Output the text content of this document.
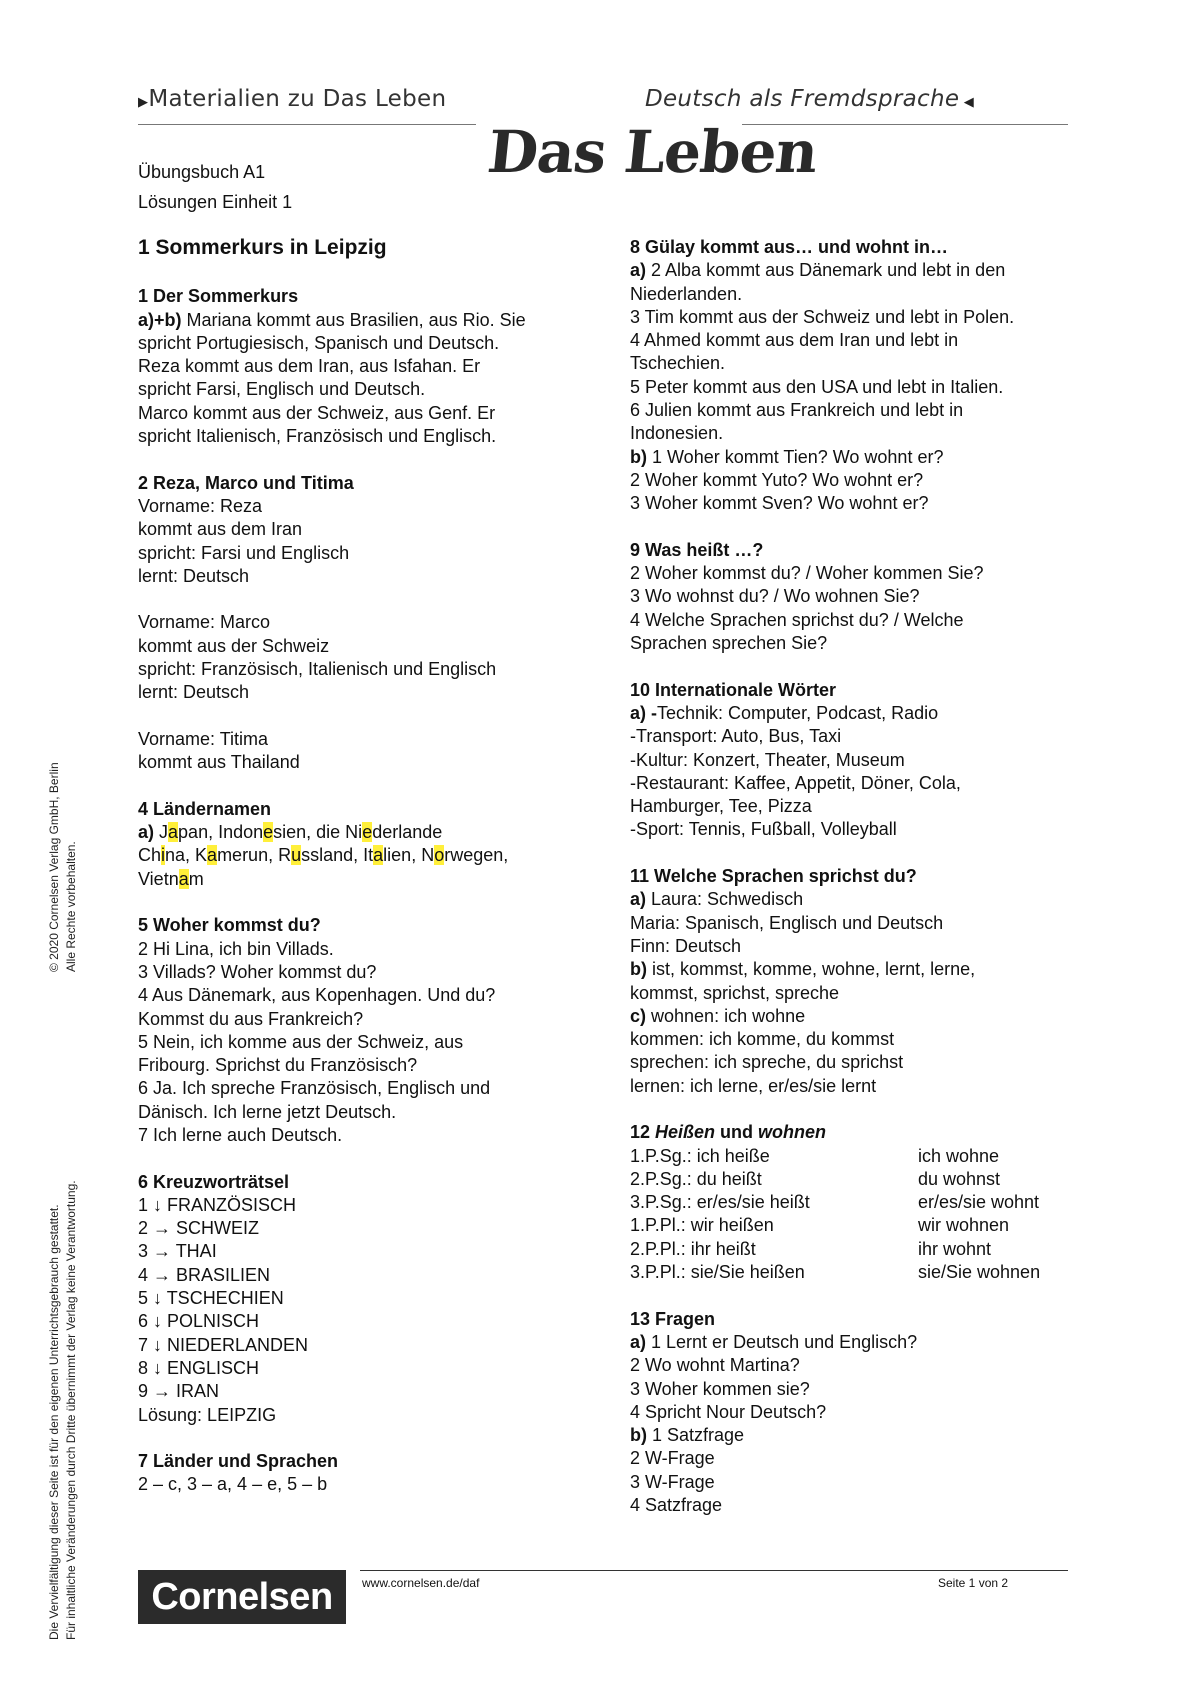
▶Materialien zu Das Leben	Deutsch als Fremdsprache ◀
Das Leben
Übungsbuch A1
Lösungen Einheit 1
1 Sommerkurs in Leipzig
1 Der Sommerkurs
a)+b) Mariana kommt aus Brasilien, aus Rio. Sie
spricht Portugiesisch, Spanisch und Deutsch.
Reza kommt aus dem Iran, aus Isfahan. Er
spricht Farsi, Englisch und Deutsch.
Marco kommt aus der Schweiz, aus Genf. Er
spricht Italienisch, Französisch und Englisch.
2 Reza, Marco und Titima
Vorname: Reza
kommt aus dem Iran
spricht: Farsi und Englisch
lernt: Deutsch
Vorname: Marco
kommt aus der Schweiz
spricht: Französisch, Italienisch und Englisch
lernt: Deutsch
Vorname: Titima
kommt aus Thailand
4 Ländernamen
a) Japan, Indonesien, die Niederlande
China, Kamerun, Russland, Italien, Norwegen,
Vietnam
5 Woher kommst du?
2 Hi Lina, ich bin Villads.
3 Villads? Woher kommst du?
4 Aus Dänemark, aus Kopenhagen. Und du?
Kommst du aus Frankreich?
5 Nein, ich komme aus der Schweiz, aus
Fribourg. Sprichst du Französisch?
6 Ja. Ich spreche Französisch, Englisch und
Dänisch. Ich lerne jetzt Deutsch.
7 Ich lerne auch Deutsch.
6 Kreuzworträtsel
1 ↓ FRANZÖSISCH
2 → SCHWEIZ
3 → THAI
4 → BRASILIEN
5 ↓ TSCHECHIEN
6 ↓ POLNISCH
7 ↓ NIEDERLANDEN
8 ↓ ENGLISCH
9 → IRAN
Lösung: LEIPZIG
7 Länder und Sprachen
2 – c, 3 – a, 4 – e, 5 – b
8 Gülay kommt aus… und wohnt in…
a) 2 Alba kommt aus Dänemark und lebt in den
Niederlanden.
3 Tim kommt aus der Schweiz und lebt in Polen.
4 Ahmed kommt aus dem Iran und lebt in
Tschechien.
5 Peter kommt aus den USA und lebt in Italien.
6 Julien kommt aus Frankreich und lebt in
Indonesien.
b) 1 Woher kommt Tien? Wo wohnt er?
2 Woher kommt Yuto? Wo wohnt er?
3 Woher kommt Sven? Wo wohnt er?
9 Was heißt …?
2 Woher kommst du? / Woher kommen Sie?
3 Wo wohnst du? / Wo wohnen Sie?
4 Welche Sprachen sprichst du? / Welche
Sprachen sprechen Sie?
10 Internationale Wörter
a) -Technik: Computer, Podcast, Radio
-Transport: Auto, Bus, Taxi
-Kultur: Konzert, Theater, Museum
-Restaurant: Kaffee, Appetit, Döner, Cola,
Hamburger, Tee, Pizza
-Sport: Tennis, Fußball, Volleyball
11 Welche Sprachen sprichst du?
a) Laura: Schwedisch
Maria: Spanisch, Englisch und Deutsch
Finn: Deutsch
b) ist, kommst, komme, wohne, lernt, lerne,
kommst, sprichst, spreche
c) wohnen: ich wohne
kommen: ich komme, du kommst
sprechen: ich spreche, du sprichst
lernen: ich lerne, er/es/sie lernt
12 Heißen und wohnen
1.P.Sg.: ich heiße	ich wohne
2.P.Sg.: du heißt	du wohnst
3.P.Sg.: er/es/sie heißt	er/es/sie wohnt
1.P.Pl.: wir heißen	wir wohnen
2.P.Pl.: ihr heißt	ihr wohnt
3.P.Pl.: sie/Sie heißen	sie/Sie wohnen
13 Fragen
a) 1 Lernt er Deutsch und Englisch?
2 Wo wohnt Martina?
3 Woher kommen sie?
4 Spricht Nour Deutsch?
b) 1 Satzfrage
2 W-Frage
3 W-Frage
4 Satzfrage
© 2020 Cornelsen Verlag GmbH, Berlin Alle Rechte vorbehalten.
Die Vervielfältigung dieser Seite ist für den eigenen Unterrichtsgebrauch gestattet. Für inhaltliche Veränderungen durch Dritte übernimmt der Verlag keine Verantwortung.	Cornelsen	www.cornelsen.de/daf	Seite 1 von 2
